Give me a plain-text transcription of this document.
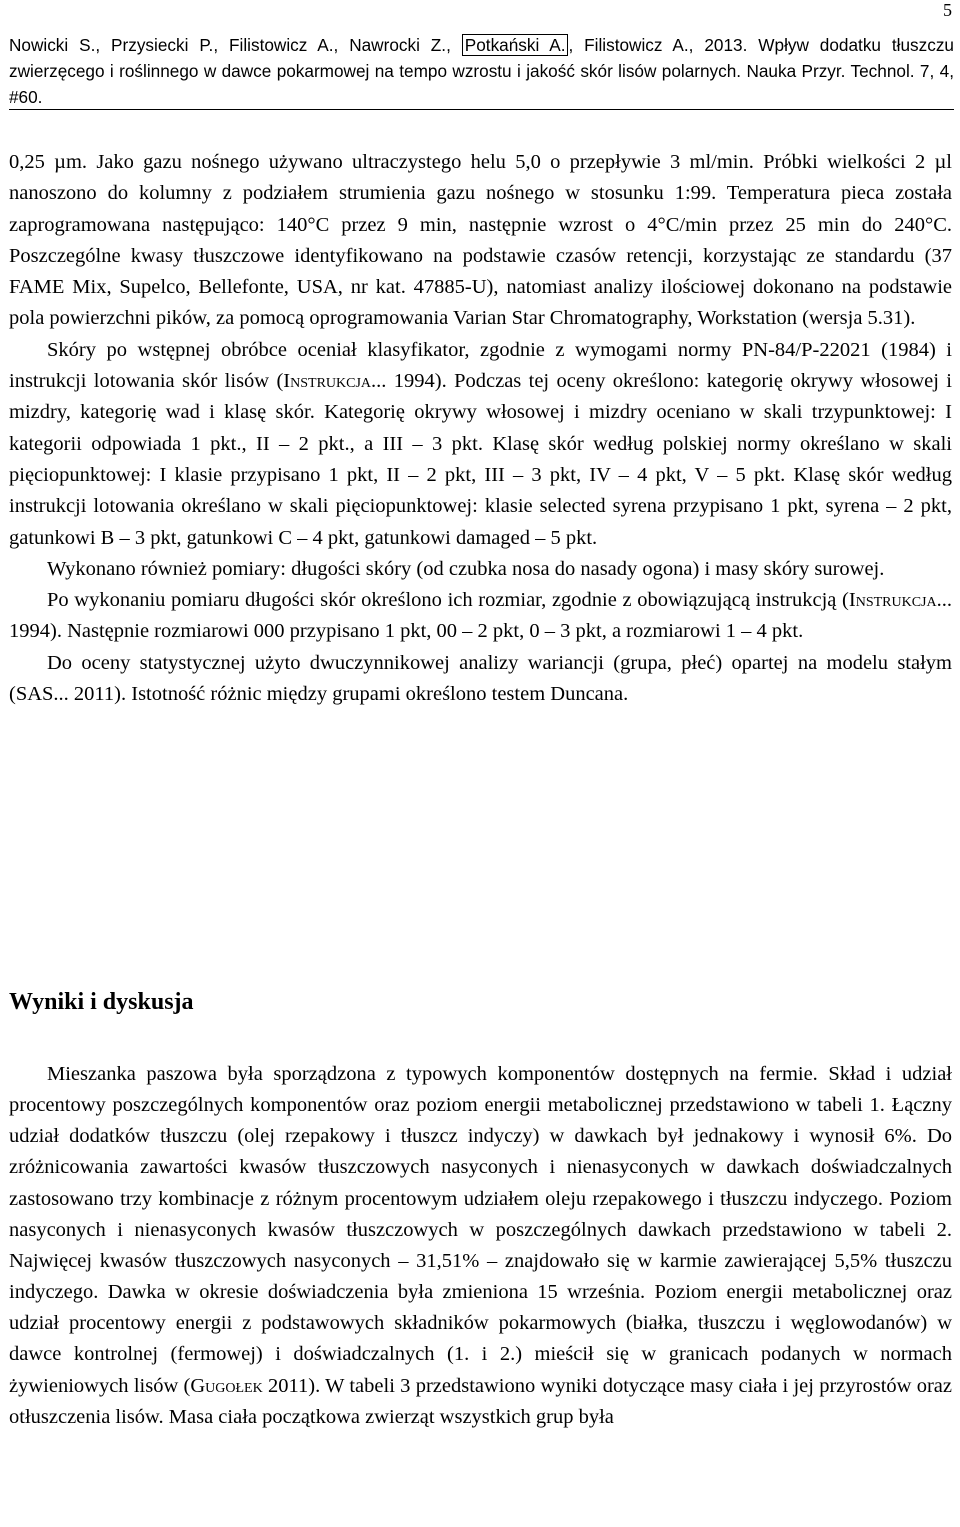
5
Nowicki S., Przysiecki P., Filistowicz A., Nawrocki Z., Potkański A. , Filistowicz A., 2013. Wpływ dodatku tłuszczu zwierzęcego i roślinnego w dawce pokarmowej na tempo wzrostu i jakość skór lisów polarnych. Nauka Przyr. Technol. 7, 4, #60.

0,25 µm. Jako gazu nośnego używano ultraczystego helu 5,0 o przepływie 3 ml/min. Próbki wielkości 2 µl nanoszono do kolumny z podziałem strumienia gazu nośnego w stosunku 1:99. Temperatura pieca została zaprogramowana następująco: 140°C przez 9 min, następnie wzrost o 4°C/min przez 25 min do 240°C. Poszczególne kwasy tłuszczowe identyfikowano na podstawie czasów retencji, korzystając ze standardu (37 FAME Mix, Supelco, Bellefonte, USA, nr kat. 47885-U), natomiast analizy ilościowej dokonano na podstawie pola powierzchni pików, za pomocą oprogramowania Varian Star Chromatography, Workstation (wersja 5.31).

Skóry po wstępnej obróbce oceniał klasyfikator, zgodnie z wymogami normy PN-84/P-22021 (1984) i instrukcji lotowania skór lisów (Instrukcja... 1994). Podczas tej oceny określono: kategorię okrywy włosowej i mizdry, kategorię wad i klasę skór. Kategorię okrywy włosowej i mizdry oceniano w skali trzypunktowej: I kategorii odpowiada 1 pkt., II – 2 pkt., a III – 3 pkt. Klasę skór według polskiej normy określano w skali pięciopunktowej: I klasie przypisano 1 pkt, II – 2 pkt, III – 3 pkt, IV – 4 pkt, V – 5 pkt. Klasę skór według instrukcji lotowania określano w skali pięciopunktowej: klasie selected syrena przypisano 1 pkt, syrena – 2 pkt, gatunkowi B – 3 pkt, gatunkowi C – 4 pkt, gatunkowi damaged – 5 pkt.

Wykonano również pomiary: długości skóry (od czubka nosa do nasady ogona) i masy skóry surowej.

Po wykonaniu pomiaru długości skór określono ich rozmiar, zgodnie z obowiązującą instrukcją (Instrukcja... 1994). Następnie rozmiarowi 000 przypisano 1 pkt, 00 – 2 pkt, 0 – 3 pkt, a rozmiarowi 1 – 4 pkt.

Do oceny statystycznej użyto dwuczynnikowej analizy wariancji (grupa, płeć) opartej na modelu stałym (SAS... 2011). Istotność różnic między grupami określono testem Duncana.

Wyniki i dyskusja

Mieszanka paszowa była sporządzona z typowych komponentów dostępnych na fermie. Skład i udział procentowy poszczególnych komponentów oraz poziom energii metabolicznej przedstawiono w tabeli 1. Łączny udział dodatków tłuszczu (olej rzepakowy i tłuszcz indyczy) w dawkach był jednakowy i wynosił 6%. Do zróżnicowania zawartości kwasów tłuszczowych nasyconych i nienasyconych w dawkach doświadczalnych zastosowano trzy kombinacje z różnym procentowym udziałem oleju rzepakowego i tłuszczu indyczego. Poziom nasyconych i nienasyconych kwasów tłuszczowych w poszczególnych dawkach przedstawiono w tabeli 2. Najwięcej kwasów tłuszczowych nasyconych – 31,51% – znajdowało się w karmie zawierającej 5,5% tłuszczu indyczego. Dawka w okresie doświadczenia była zmieniona 15 września. Poziom energii metabolicznej oraz udział procentowy energii z podstawowych składników pokarmowych (białka, tłuszczu i węglowodanów) w dawce kontrolnej (fermowej) i doświadczalnych (1. i 2.) mieścił się w granicach podanych w normach żywieniowych lisów (Gugołek 2011). W tabeli 3 przedstawiono wyniki dotyczące masy ciała i jej przyrostów oraz otłuszczenia lisów. Masa ciała początkowa zwierząt wszystkich grup była
